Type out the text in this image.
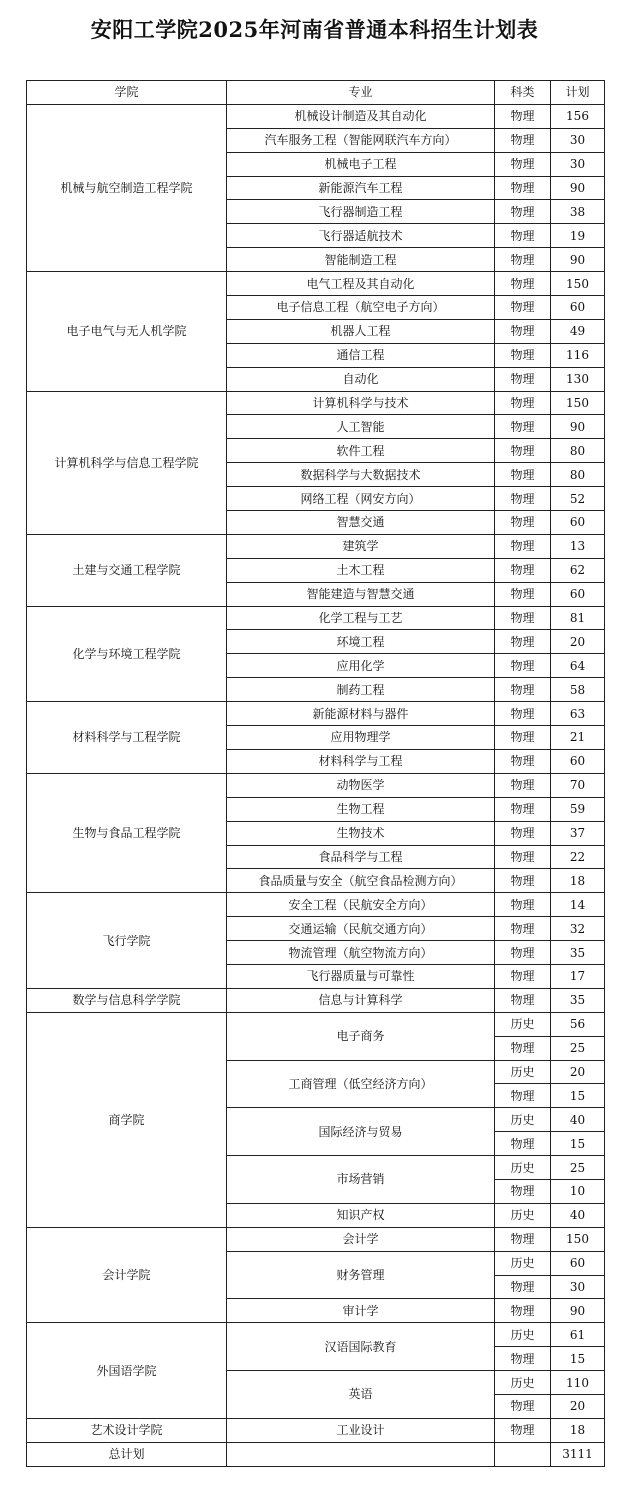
安阳工学院2025年河南省普通本科招生计划表
学院	专业	科类	计划
机械与航空制造工程学院	机械设计制造及其自动化	物理	156
	汽车服务工程（智能网联汽车方向）	物理	30
	机械电子工程	物理	30
	新能源汽车工程	物理	90
	飞行器制造工程	物理	38
	飞行器适航技术	物理	19
	智能制造工程	物理	90
电子电气与无人机学院	电气工程及其自动化	物理	150
	电子信息工程（航空电子方向）	物理	60
	机器人工程	物理	49
	通信工程	物理	116
	自动化	物理	130
计算机科学与信息工程学院	计算机科学与技术	物理	150
	人工智能	物理	90
	软件工程	物理	80
	数据科学与大数据技术	物理	80
	网络工程（网安方向）	物理	52
	智慧交通	物理	60
土建与交通工程学院	建筑学	物理	13
	土木工程	物理	62
	智能建造与智慧交通	物理	60
化学与环境工程学院	化学工程与工艺	物理	81
	环境工程	物理	20
	应用化学	物理	64
	制药工程	物理	58
材料科学与工程学院	新能源材料与器件	物理	63
	应用物理学	物理	21
	材料科学与工程	物理	60
生物与食品工程学院	动物医学	物理	70
	生物工程	物理	59
	生物技术	物理	37
	食品科学与工程	物理	22
	食品质量与安全（航空食品检测方向）	物理	18
飞行学院	安全工程（民航安全方向）	物理	14
	交通运输（民航交通方向）	物理	32
	物流管理（航空物流方向）	物理	35
	飞行器质量与可靠性	物理	17
数学与信息科学学院	信息与计算科学	物理	35
商学院	电子商务	历史	56
		物理	25
	工商管理（低空经济方向）	历史	20
		物理	15
	国际经济与贸易	历史	40
		物理	15
	市场营销	历史	25
		物理	10
	知识产权	历史	40
会计学院	会计学	物理	150
	财务管理	历史	60
		物理	30
	审计学	物理	90
外国语学院	汉语国际教育	历史	61
		物理	15
	英语	历史	110
		物理	20
艺术设计学院	工业设计	物理	18
总计划			3111
